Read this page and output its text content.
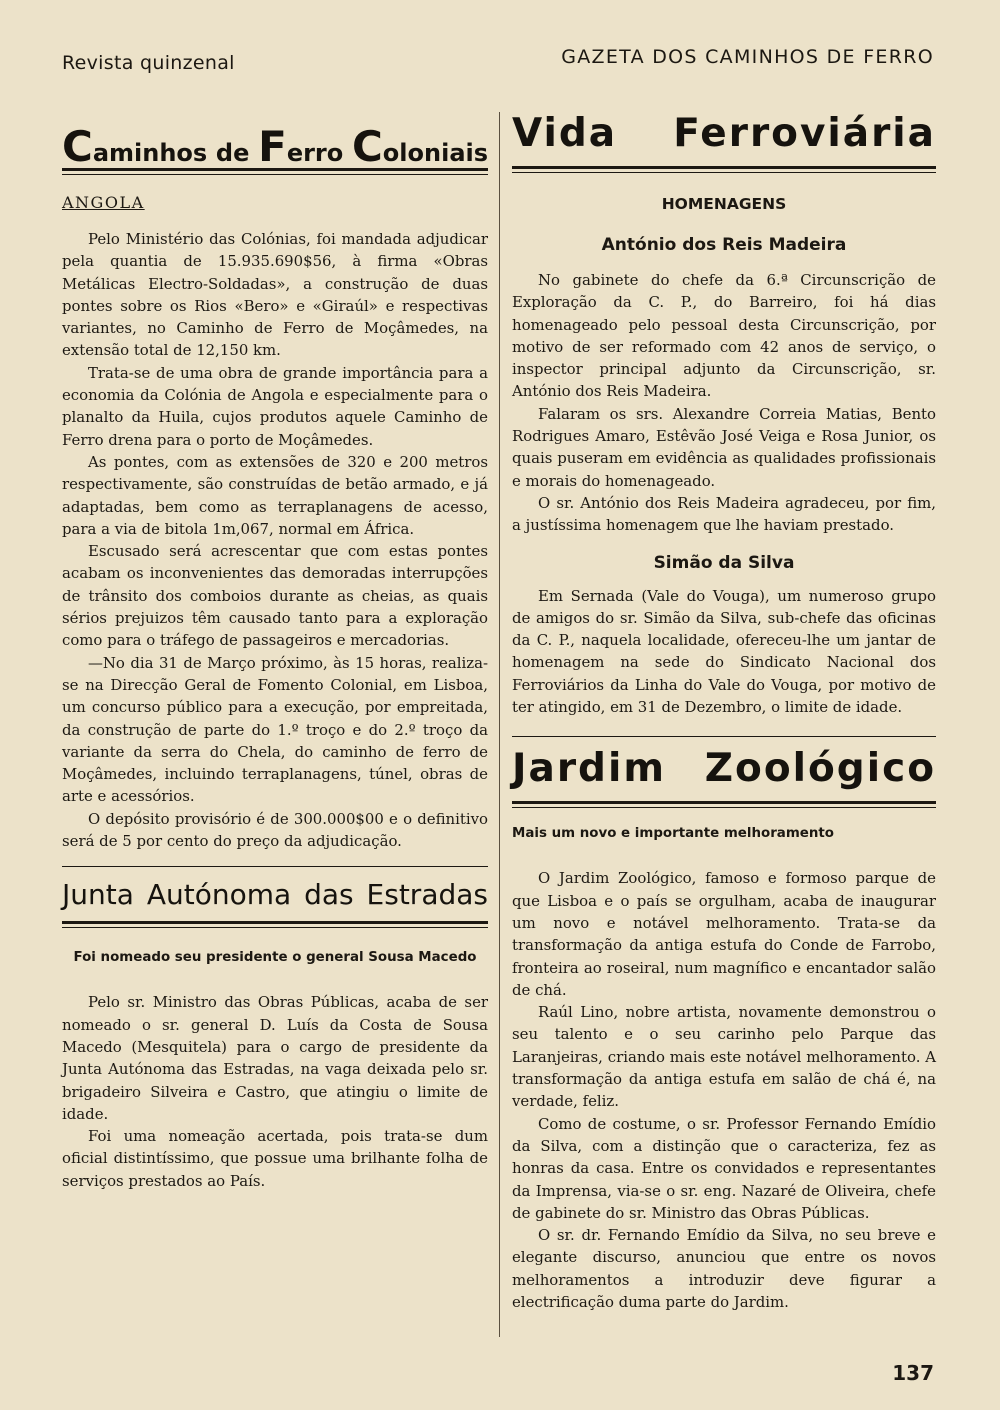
Revista quinzenal	GAZETA DOS CAMINHOS DE FERRO
Caminhos de Ferro Coloniais

ANGOLA

Pelo Ministério das Colónias, foi mandada adjudicar pela quantia de 15.935.690$56, à firma «Obras Metálicas Electro-Soldadas», a construção de duas pontes sobre os Rios «Bero» e «Giraúl» e respectivas variantes, no Caminho de Ferro de Moçâmedes, na extensão total de 12,150 km.

Trata-se de uma obra de grande importância para a economia da Colónia de Angola e especialmente para o planalto da Huila, cujos produtos aquele Caminho de Ferro drena para o porto de Moçâmedes.

As pontes, com as extensões de 320 e 200 metros respectivamente, são construídas de betão armado, e já adaptadas, bem como as terraplanagens de acesso, para a via de bitola 1m,067, normal em África.

Escusado será acrescentar que com estas pontes acabam os inconvenientes das demoradas interrupções de trânsito dos comboios durante as cheias, as quais sérios prejuizos têm causado tanto para a exploração como para o tráfego de passageiros e mercadorias.

—No dia 31 de Março próximo, às 15 horas, realiza-se na Direcção Geral de Fomento Colonial, em Lisboa, um concurso público para a execução, por empreitada, da construção de parte do 1.º troço e do 2.º troço da variante da serra do Chela, do caminho de ferro de Moçâmedes, incluindo terraplanagens, túnel, obras de arte e acessórios.

O depósito provisório é de 300.000$00 e o definitivo será de 5 por cento do preço da adjudicação.

Junta Autónoma das Estradas

Foi nomeado seu presidente o general Sousa Macedo

Pelo sr. Ministro das Obras Públicas, acaba de ser nomeado o sr. general D. Luís da Costa de Sousa Macedo (Mesquitela) para o cargo de presidente da Junta Autónoma das Estradas, na vaga deixada pelo sr. brigadeiro Silveira e Castro, que atingiu o limite de idade.

Foi uma nomeação acertada, pois trata-se dum oficial distintíssimo, que possue uma brilhante folha de serviços prestados ao País.

Vida Ferroviária

HOMENAGENS

António dos Reis Madeira

No gabinete do chefe da 6.ª Circunscrição de Exploração da C. P., do Barreiro, foi há dias homenageado pelo pessoal desta Circunscrição, por motivo de ser reformado com 42 anos de serviço, o inspector principal adjunto da Circunscrição, sr. António dos Reis Madeira.

Falaram os srs. Alexandre Correia Matias, Bento Rodrigues Amaro, Estêvão José Veiga e Rosa Junior, os quais puseram em evidência as qualidades profissionais e morais do homenageado.

O sr. António dos Reis Madeira agradeceu, por fim, a justíssima homenagem que lhe haviam prestado.

Simão da Silva

Em Sernada (Vale do Vouga), um numeroso grupo de amigos do sr. Simão da Silva, sub-chefe das oficinas da C. P., naquela localidade, ofereceu-lhe um jantar de homenagem na sede do Sindicato Nacional dos Ferroviários da Linha do Vale do Vouga, por motivo de ter atingido, em 31 de Dezembro, o limite de idade.

Jardim Zoológico

Mais um novo e importante melhoramento

O Jardim Zoológico, famoso e formoso parque de que Lisboa e o país se orgulham, acaba de inaugurar um novo e notável melhoramento. Trata-se da transformação da antiga estufa do Conde de Farrobo, fronteira ao roseiral, num magnífico e encantador salão de chá.

Raúl Lino, nobre artista, novamente demonstrou o seu talento e o seu carinho pelo Parque das Laranjeiras, criando mais este notável melhoramento. A transformação da antiga estufa em salão de chá é, na verdade, feliz.

Como de costume, o sr. Professor Fernando Emídio da Silva, com a distinção que o caracteriza, fez as honras da casa. Entre os convidados e representantes da Imprensa, via-se o sr. eng. Nazaré de Oliveira, chefe de gabinete do sr. Ministro das Obras Públicas.

O sr. dr. Fernando Emídio da Silva, no seu breve e elegante discurso, anunciou que entre os novos melhoramentos a introduzir deve figurar a electrificação duma parte do Jardim.

137
